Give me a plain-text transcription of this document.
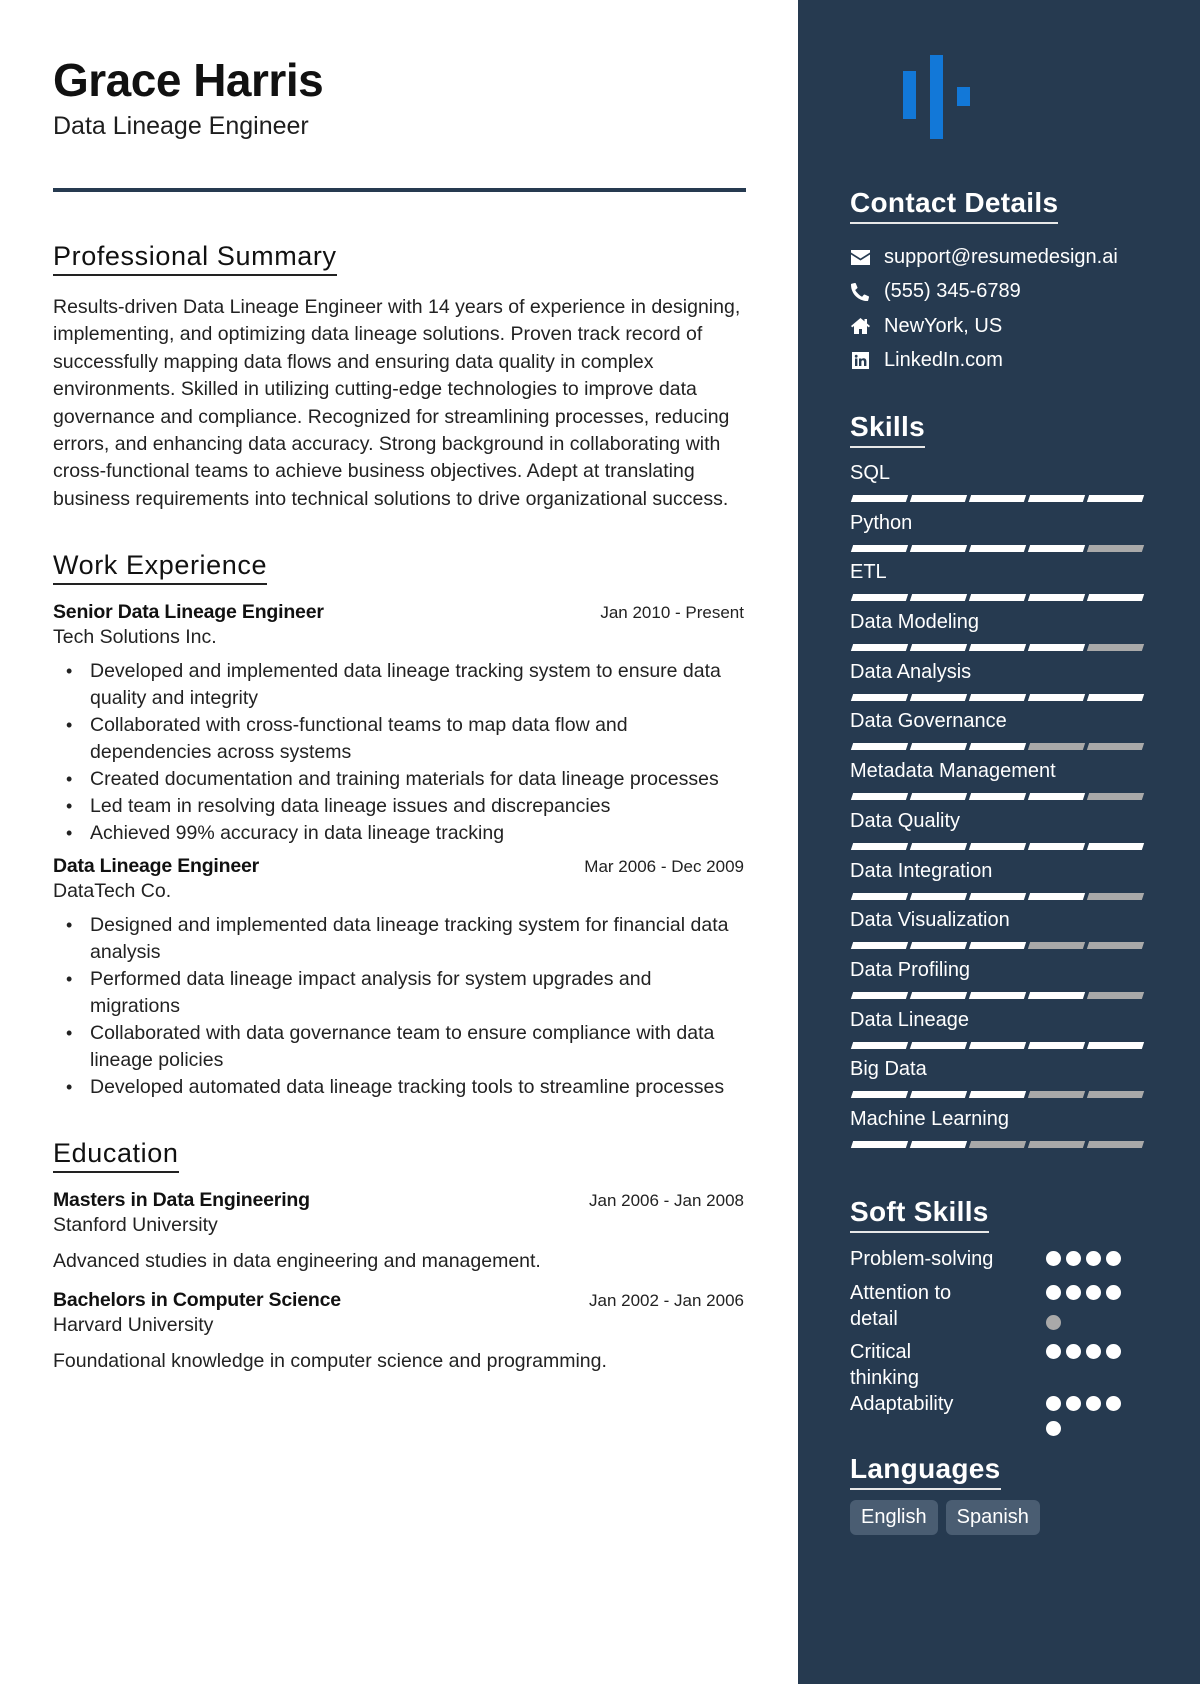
Grace Harris
Data Lineage Engineer
Professional Summary

Results-driven Data Lineage Engineer with 14 years of experience in designing, implementing, and optimizing data lineage solutions. Proven track record of successfully mapping data flows and ensuring data quality in complex environments. Skilled in utilizing cutting-edge technologies to improve data governance and compliance. Recognized for streamlining processes, reducing errors, and enhancing data accuracy. Strong background in collaborating with cross-functional teams to achieve business objectives. Adept at translating business requirements into technical solutions to drive organizational success.

Work Experience
Senior Data Lineage Engineer	Jan 2010 - Present
Tech Solutions Inc.
• Developed and implemented data lineage tracking system to ensure data quality and integrity
• Collaborated with cross-functional teams to map data flow and dependencies across systems
• Created documentation and training materials for data lineage processes
• Led team in resolving data lineage issues and discrepancies
• Achieved 99% accuracy in data lineage tracking
Data Lineage Engineer	Mar 2006 - Dec 2009
DataTech Co.
• Designed and implemented data lineage tracking system for financial data analysis
• Performed data lineage impact analysis for system upgrades and migrations
• Collaborated with data governance team to ensure compliance with data lineage policies
• Developed automated data lineage tracking tools to streamline processes
Education
Masters in Data Engineering	Jan 2006 - Jan 2008
Stanford University
Advanced studies in data engineering and management.
Bachelors in Computer Science	Jan 2002 - Jan 2006
Harvard University
Foundational knowledge in computer science and programming.
Contact Details
support@resumedesign.ai
(555) 345-6789
NewYork, US
LinkedIn.com
Skills
SQL
Python
ETL
Data Modeling
Data Analysis
Data Governance
Metadata Management
Data Quality
Data Integration
Data Visualization
Data Profiling
Data Lineage
Big Data
Machine Learning
Soft Skills
Problem-solving
Attention to detail
Critical thinking
Adaptability
Languages
English	Spanish
